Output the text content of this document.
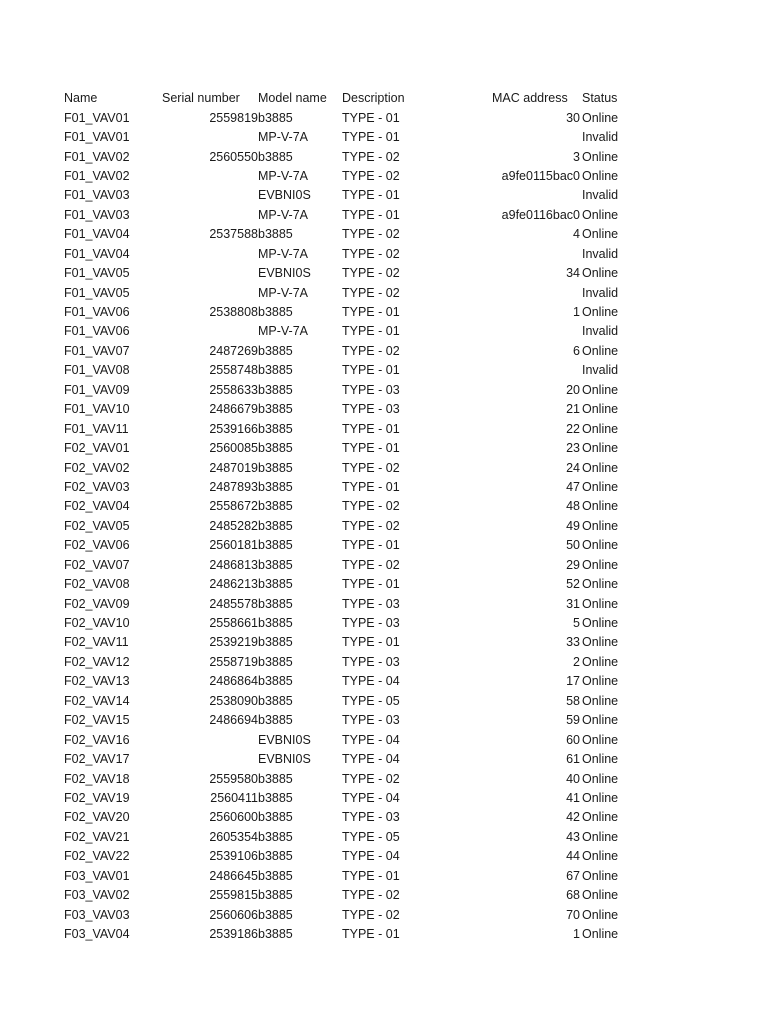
Name	Serial number	Model name	Description	MAC address	Status
F01_VAV01	2559819	b3885	TYPE - 01	30	Online
F01_VAV01		MP-V-7A	TYPE - 01		Invalid
F01_VAV02	2560550	b3885	TYPE - 02	3	Online
F01_VAV02		MP-V-7A	TYPE - 02	a9fe0115bac0	Online
F01_VAV03		EVBNI0S	TYPE - 01		Invalid
F01_VAV03		MP-V-7A	TYPE - 01	a9fe0116bac0	Online
F01_VAV04	2537588	b3885	TYPE - 02	4	Online
F01_VAV04		MP-V-7A	TYPE - 02		Invalid
F01_VAV05		EVBNI0S	TYPE - 02	34	Online
F01_VAV05		MP-V-7A	TYPE - 02		Invalid
F01_VAV06	2538808	b3885	TYPE - 01	1	Online
F01_VAV06		MP-V-7A	TYPE - 01		Invalid
F01_VAV07	2487269	b3885	TYPE - 02	6	Online
F01_VAV08	2558748	b3885	TYPE - 01		Invalid
F01_VAV09	2558633	b3885	TYPE - 03	20	Online
F01_VAV10	2486679	b3885	TYPE - 03	21	Online
F01_VAV11	2539166	b3885	TYPE - 01	22	Online
F02_VAV01	2560085	b3885	TYPE - 01	23	Online
F02_VAV02	2487019	b3885	TYPE - 02	24	Online
F02_VAV03	2487893	b3885	TYPE - 01	47	Online
F02_VAV04	2558672	b3885	TYPE - 02	48	Online
F02_VAV05	2485282	b3885	TYPE - 02	49	Online
F02_VAV06	2560181	b3885	TYPE - 01	50	Online
F02_VAV07	2486813	b3885	TYPE - 02	29	Online
F02_VAV08	2486213	b3885	TYPE - 01	52	Online
F02_VAV09	2485578	b3885	TYPE - 03	31	Online
F02_VAV10	2558661	b3885	TYPE - 03	5	Online
F02_VAV11	2539219	b3885	TYPE - 01	33	Online
F02_VAV12	2558719	b3885	TYPE - 03	2	Online
F02_VAV13	2486864	b3885	TYPE - 04	17	Online
F02_VAV14	2538090	b3885	TYPE - 05	58	Online
F02_VAV15	2486694	b3885	TYPE - 03	59	Online
F02_VAV16		EVBNI0S	TYPE - 04	60	Online
F02_VAV17		EVBNI0S	TYPE - 04	61	Online
F02_VAV18	2559580	b3885	TYPE - 02	40	Online
F02_VAV19	2560411	b3885	TYPE - 04	41	Online
F02_VAV20	2560600	b3885	TYPE - 03	42	Online
F02_VAV21	2605354	b3885	TYPE - 05	43	Online
F02_VAV22	2539106	b3885	TYPE - 04	44	Online
F03_VAV01	2486645	b3885	TYPE - 01	67	Online
F03_VAV02	2559815	b3885	TYPE - 02	68	Online
F03_VAV03	2560606	b3885	TYPE - 02	70	Online
F03_VAV04	2539186	b3885	TYPE - 01	1	Online
